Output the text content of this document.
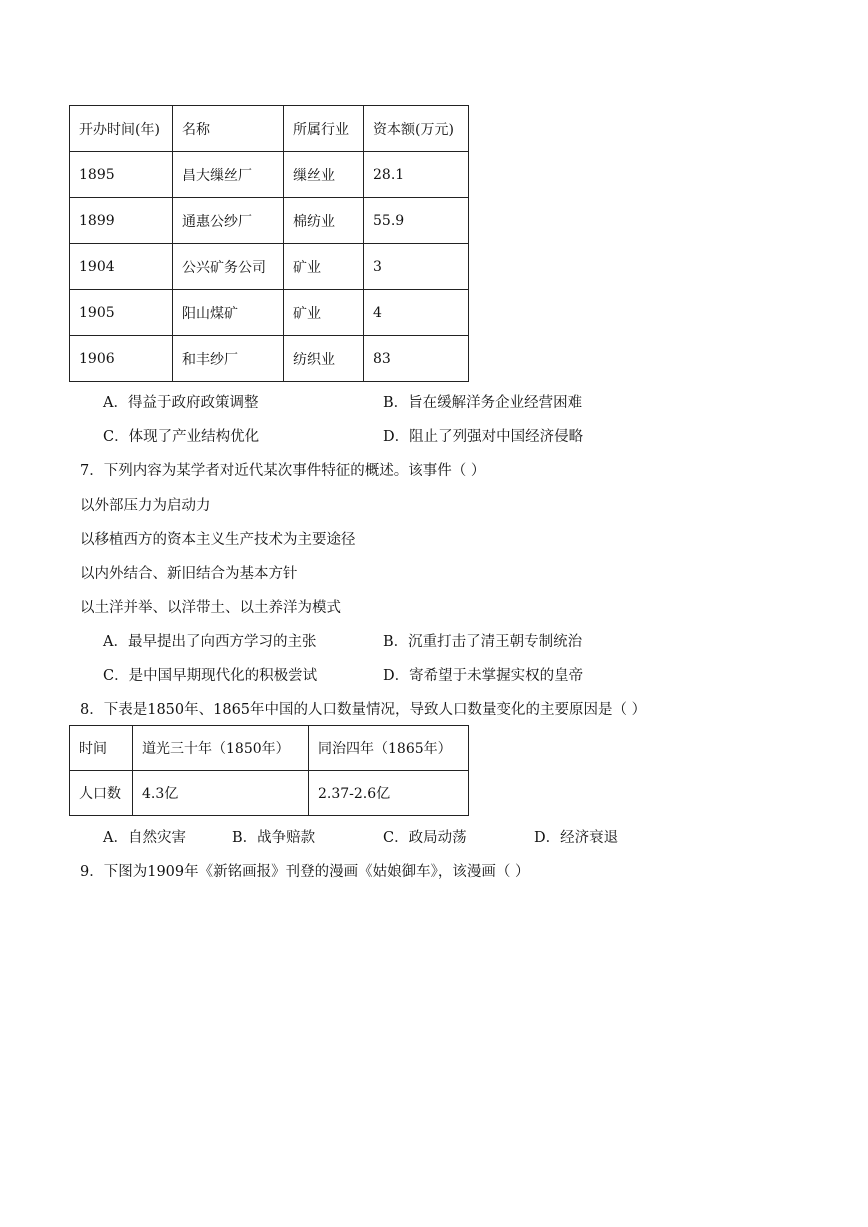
开办时间(年)	名称	所属行业	资本额(万元)
1895	昌大缫丝厂	缫丝业	28.1
1899	通惠公纱厂	棉纺业	55.9
1904	公兴矿务公司	矿业	3
1905	阳山煤矿	矿业	4
1906	和丰纱厂	纺织业	83
A．得益于政府政策调整	B．旨在缓解洋务企业经营困难
C．体现了产业结构优化	D．阻止了列强对中国经济侵略
7．下列内容为某学者对近代某次事件特征的概述。该事件（ ）
以外部压力为启动力
以移植西方的资本主义生产技术为主要途径
以内外结合、新旧结合为基本方针
以土洋并举、以洋带土、以土养洋为模式
A．最早提出了向西方学习的主张	B．沉重打击了清王朝专制统治
C．是中国早期现代化的积极尝试	D．寄希望于未掌握实权的皇帝
8．下表是1850年、1865年中国的人口数量情况，导致人口数量变化的主要原因是（ ）
时间	道光三十年（1850年）	同治四年（1865年）
人口数	4.3亿	2.37-2.6亿
A．自然灾害	B．战争赔款	C．政局动荡	D．经济衰退
9．下图为1909年《新铭画报》刊登的漫画《姑娘御车》，该漫画（ ）
